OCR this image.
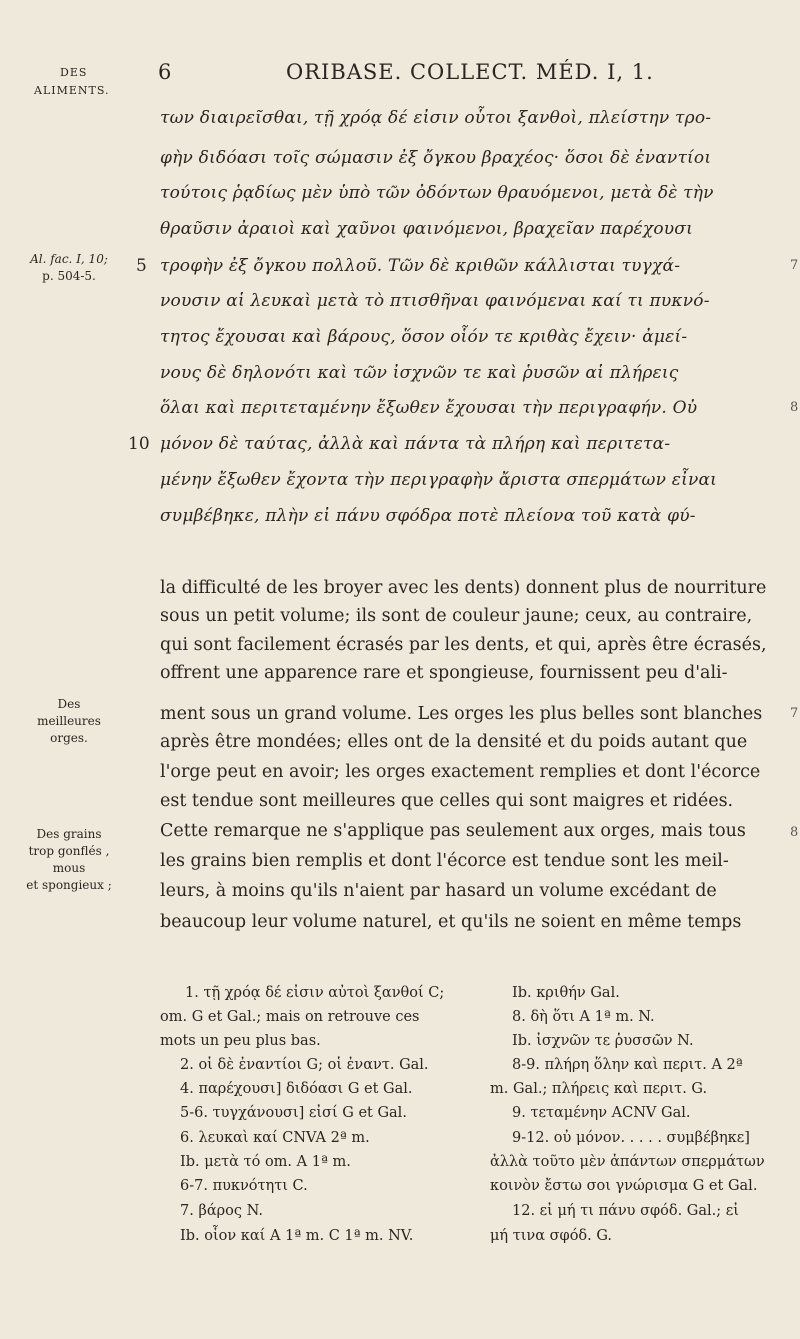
DES
ALIMENTS.
6	ORIBASE. COLLECT. MÉD. I, 1.
των διαιρεῖσθαι, τῇ χρόᾳ δέ εἰσιν οὗτοι ξανθοὶ, πλείστην τρο-
φὴν διδόασι τοῖς σώμασιν ἐξ ὄγκου βραχέος· ὅσοι δὲ ἐναντίοι
τούτοις ῥᾳδίως μὲν ὑπὸ τῶν ὀδόντων θραυόμενοι, μετὰ δὲ τὴν
θραῦσιν ἀραιοὶ καὶ χαῦνοι φαινόμενοι, βραχεῖαν παρέχουσι
τροφὴν ἐξ ὄγκου πολλοῦ. Τῶν δὲ κριθῶν κάλλισται τυγχά-
νουσιν αἱ λευκαὶ μετὰ τὸ πτισθῆναι φαινόμεναι καί τι πυκνό-
τητος ἔχουσαι καὶ βάρους, ὅσον οἷόν τε κριθὰς ἔχειν· ἀμεί-
νους δὲ δηλονότι καὶ τῶν ἰσχνῶν τε καὶ ῥυσῶν αἱ πλήρεις
ὅλαι καὶ περιτεταμένην ἔξωθεν ἔχουσαι τὴν περιγραφήν. Οὐ
μόνον δὲ ταύτας, ἀλλὰ καὶ πάντα τὰ πλήρη καὶ περιτετα-
μένην ἔξωθεν ἔχοντα τὴν περιγραφὴν ἄριστα σπερμάτων εἶναι
συμβέβηκε, πλὴν εἰ πάνυ σφόδρα ποτὲ πλείονα τοῦ κατὰ φύ-
5
10
Al. fac. I, 10;
p. 504-5.
7
8
la difficulté de les broyer avec les dents) donnent plus de nourriture
sous un petit volume; ils sont de couleur jaune; ceux, au contraire,
qui sont facilement écrasés par les dents, et qui, après être écrasés,
offrent une apparence rare et spongieuse, fournissent peu d'ali-
ment sous un grand volume. Les orges les plus belles sont blanches
après être mondées; elles ont de la densité et du poids autant que
l'orge peut en avoir; les orges exactement remplies et dont l'écorce
est tendue sont meilleures que celles qui sont maigres et ridées.
Cette remarque ne s'applique pas seulement aux orges, mais tous
les grains bien remplis et dont l'écorce est tendue sont les meil-
leurs, à moins qu'ils n'aient par hasard un volume excédant de
beaucoup leur volume naturel, et qu'ils ne soient en même temps
7
8
Des
meilleures
orges.
Des grains
trop gonflés ,
mous
et spongieux ;
1. τῇ χρόᾳ δέ εἰσιν αὐτοὶ ξανθοί C;
om. G et Gal.; mais on retrouve ces
mots un peu plus bas.
2. οἱ δὲ ἐναντίοι G; οἱ ἐναντ. Gal.
4. παρέχουσι] διδόασι G et Gal.
5-6. τυγχάνουσι] εἰσί G et Gal.
6. λευκαὶ καί CNVA 2ª m.
Ib. μετὰ τό om. A 1ª m.
6-7. πυκνότητι C.
7. βάρος N.
Ib. οἷον καί A 1ª m. C 1ª m. NV.
Ib. κριθήν Gal.
8. δὴ ὅτι A 1ª m. N.
Ib. ἰσχνῶν τε ῥυσσῶν N.
8-9. πλήρη ὅλην καὶ περιτ. A 2ª
m. Gal.; πλήρεις καὶ περιτ. G.
9. τεταμένην ACNV Gal.
9-12. οὐ μόνον. . . . . συμβέβηκε]
ἀλλὰ τοῦτο μὲν ἁπάντων σπερμάτων
κοινὸν ἔστω σοι γνώρισμα G et Gal.
12. εἰ μή τι πάνυ σφόδ. Gal.; εἰ
μή τινα σφόδ. G.
